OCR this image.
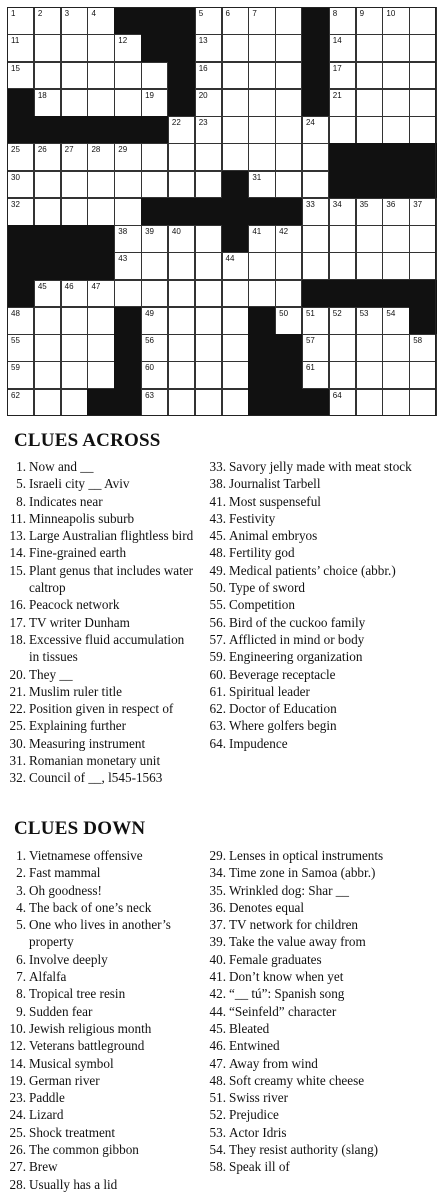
1	2	3	4	5	6	7	8	9	10
11	12	13	14
15	16	17
18	19	20	21
22 23	24
25 26 27 28 29
30	31
32	33 34 35 36 37
38 39 40	41 42
43	44
45 46 47
48	49	50 51 52 53 54
55	56	57	58
59	60	61
62	63	64
CLUES ACROSS
1. Now and __
5. Israeli city __ Aviv
8. Indicates near
11. Minneapolis suburb
13. Large Australian flightless bird
14. Fine-grained earth
15. Plant genus that includes water
caltrop
16. Peacock network
17. TV writer Dunham
18. Excessive fluid accumulation
in tissues
20. They __
21. Muslim ruler title
22. Position given in respect of
25. Explaining further
30. Measuring instrument
31. Romanian monetary unit
32. Council of __, l545-1563
33. Savory jelly made with meat stock
38. Journalist Tarbell
41. Most suspenseful
43. Festivity
45. Animal embryos
48. Fertility god
49. Medical patients’ choice (abbr.)
50. Type of sword
55. Competition
56. Bird of the cuckoo family
57. Afflicted in mind or body
59. Engineering organization
60. Beverage receptacle
61. Spiritual leader
62. Doctor of Education
63. Where golfers begin
64. Impudence
CLUES DOWN
1. Vietnamese offensive
2. Fast mammal
3. Oh goodness!
4. The back of one’s neck
5. One who lives in another’s
property
6. Involve deeply
7. Alfalfa
8. Tropical tree resin
9. Sudden fear
10. Jewish religious month
12. Veterans battleground
14. Musical symbol
19. German river
23. Paddle
24. Lizard
25. Shock treatment
26. The common gibbon
27. Brew
28. Usually has a lid
29. Lenses in optical instruments
34. Time zone in Samoa (abbr.)
35. Wrinkled dog: Shar __
36. Denotes equal
37. TV network for children
39. Take the value away from
40. Female graduates
41. Don’t know when yet
42. “__ tú”: Spanish song
44. “Seinfeld” character
45. Bleated
46. Entwined
47. Away from wind
48. Soft creamy white cheese
51. Swiss river
52. Prejudice
53. Actor Idris
54. They resist authority (slang)
58. Speak ill of
